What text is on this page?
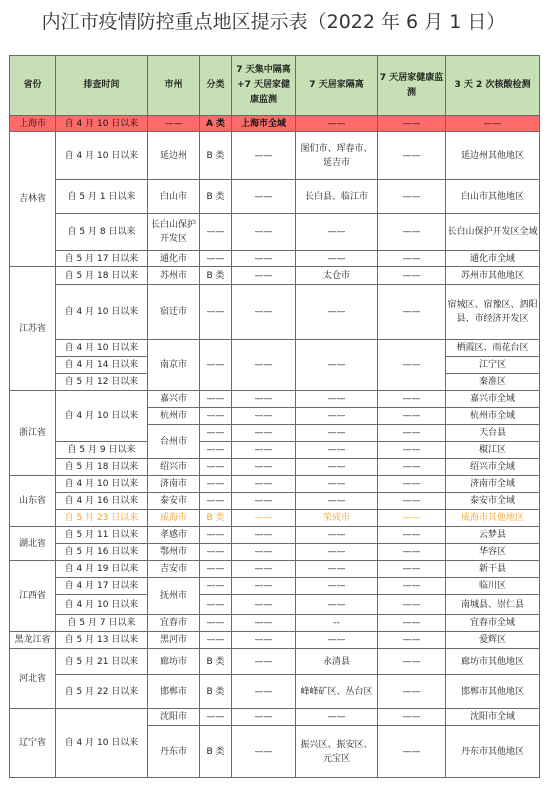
内江市疫情防控重点地区提示表（2022 年 6 月 1 日）
省份	排查时间	市州	分类	7 天集中隔离+7 天居家健康监测	7 天居家隔离	7 天居家健康监测	3 天 2 次核酸检测
上海市	自 4 月 10 日以来	——	A 类	上海市全域	——	——	——
吉林省	自 4 月 10 日以来	延边州	B 类	——	图们市、珲春市、延吉市	——	延边州其他地区
	自 5 月 1 日以来	白山市	B 类	——	长白县、临江市	——	白山市其他地区
	自 5 月 8 日以来	长白山保护开发区	——	——	——	——	长白山保护开发区全域
	自 5 月 17 日以来	通化市	——	——	——	——	通化市全域
江苏省	自 5 月 18 日以来	苏州市	B 类	——	太仓市	——	苏州市其他地区
	自 4 月 10 日以来	宿迁市	——	——	——	——	宿城区、宿豫区、泗阳县、市经济开发区
	自 4 月 10 日以来	南京市	——	——	——	——	栖霞区、雨花台区
	自 4 月 14 日以来						江宁区
	自 5 月 12 日以来						秦淮区
浙江省	自 4 月 10 日以来	嘉兴市	——	——	——	——	嘉兴市全域
		杭州市	——	——	——	——	杭州市全域
		台州市	——	——	——	——	天台县
	自 5 月 9 日以来		——	——	——	——	椒江区
	自 5 月 18 日以来	绍兴市	——	——	——	——	绍兴市全域
山东省	自 4 月 10 日以来	济南市	——	——	——	——	济南市全域
	自 4 月 16 日以来	泰安市	——	——	——	——	泰安市全域
	自 5 月 23 日以来	威海市	B 类	——	荣成市	——	威海市其他地区
湖北省	自 5 月 11 日以来	孝感市	——	——	——	——	云梦县
	自 5 月 16 日以来	鄂州市	——	——	——	——	华容区
江西省	自 4 月 19 日以来	吉安市	——	——	——	——	新干县
	自 4 月 17 日以来	抚州市	——	——	——	——	临川区
	自 4 月 10 日以来		——	——	——	——	南城县、崇仁县
	自 5 月 7 日以来	宜春市	——	——	--	——	宜春市全域
黑龙江省	自 5 月 13 日以来	黑河市	——	——	——	——	爱辉区
河北省	自 5 月 21 日以来	廊坊市	B 类	——	永清县	——	廊坊市其他地区
	自 5 月 22 日以来	邯郸市	B 类	——	峰峰矿区、丛台区	——	邯郸市其他地区
辽宁省	自 4 月 10 日以来	沈阳市	——	——	——	——	沈阳市全域
		丹东市	B 类	——	振兴区、振安区、元宝区	——	丹东市其他地区
